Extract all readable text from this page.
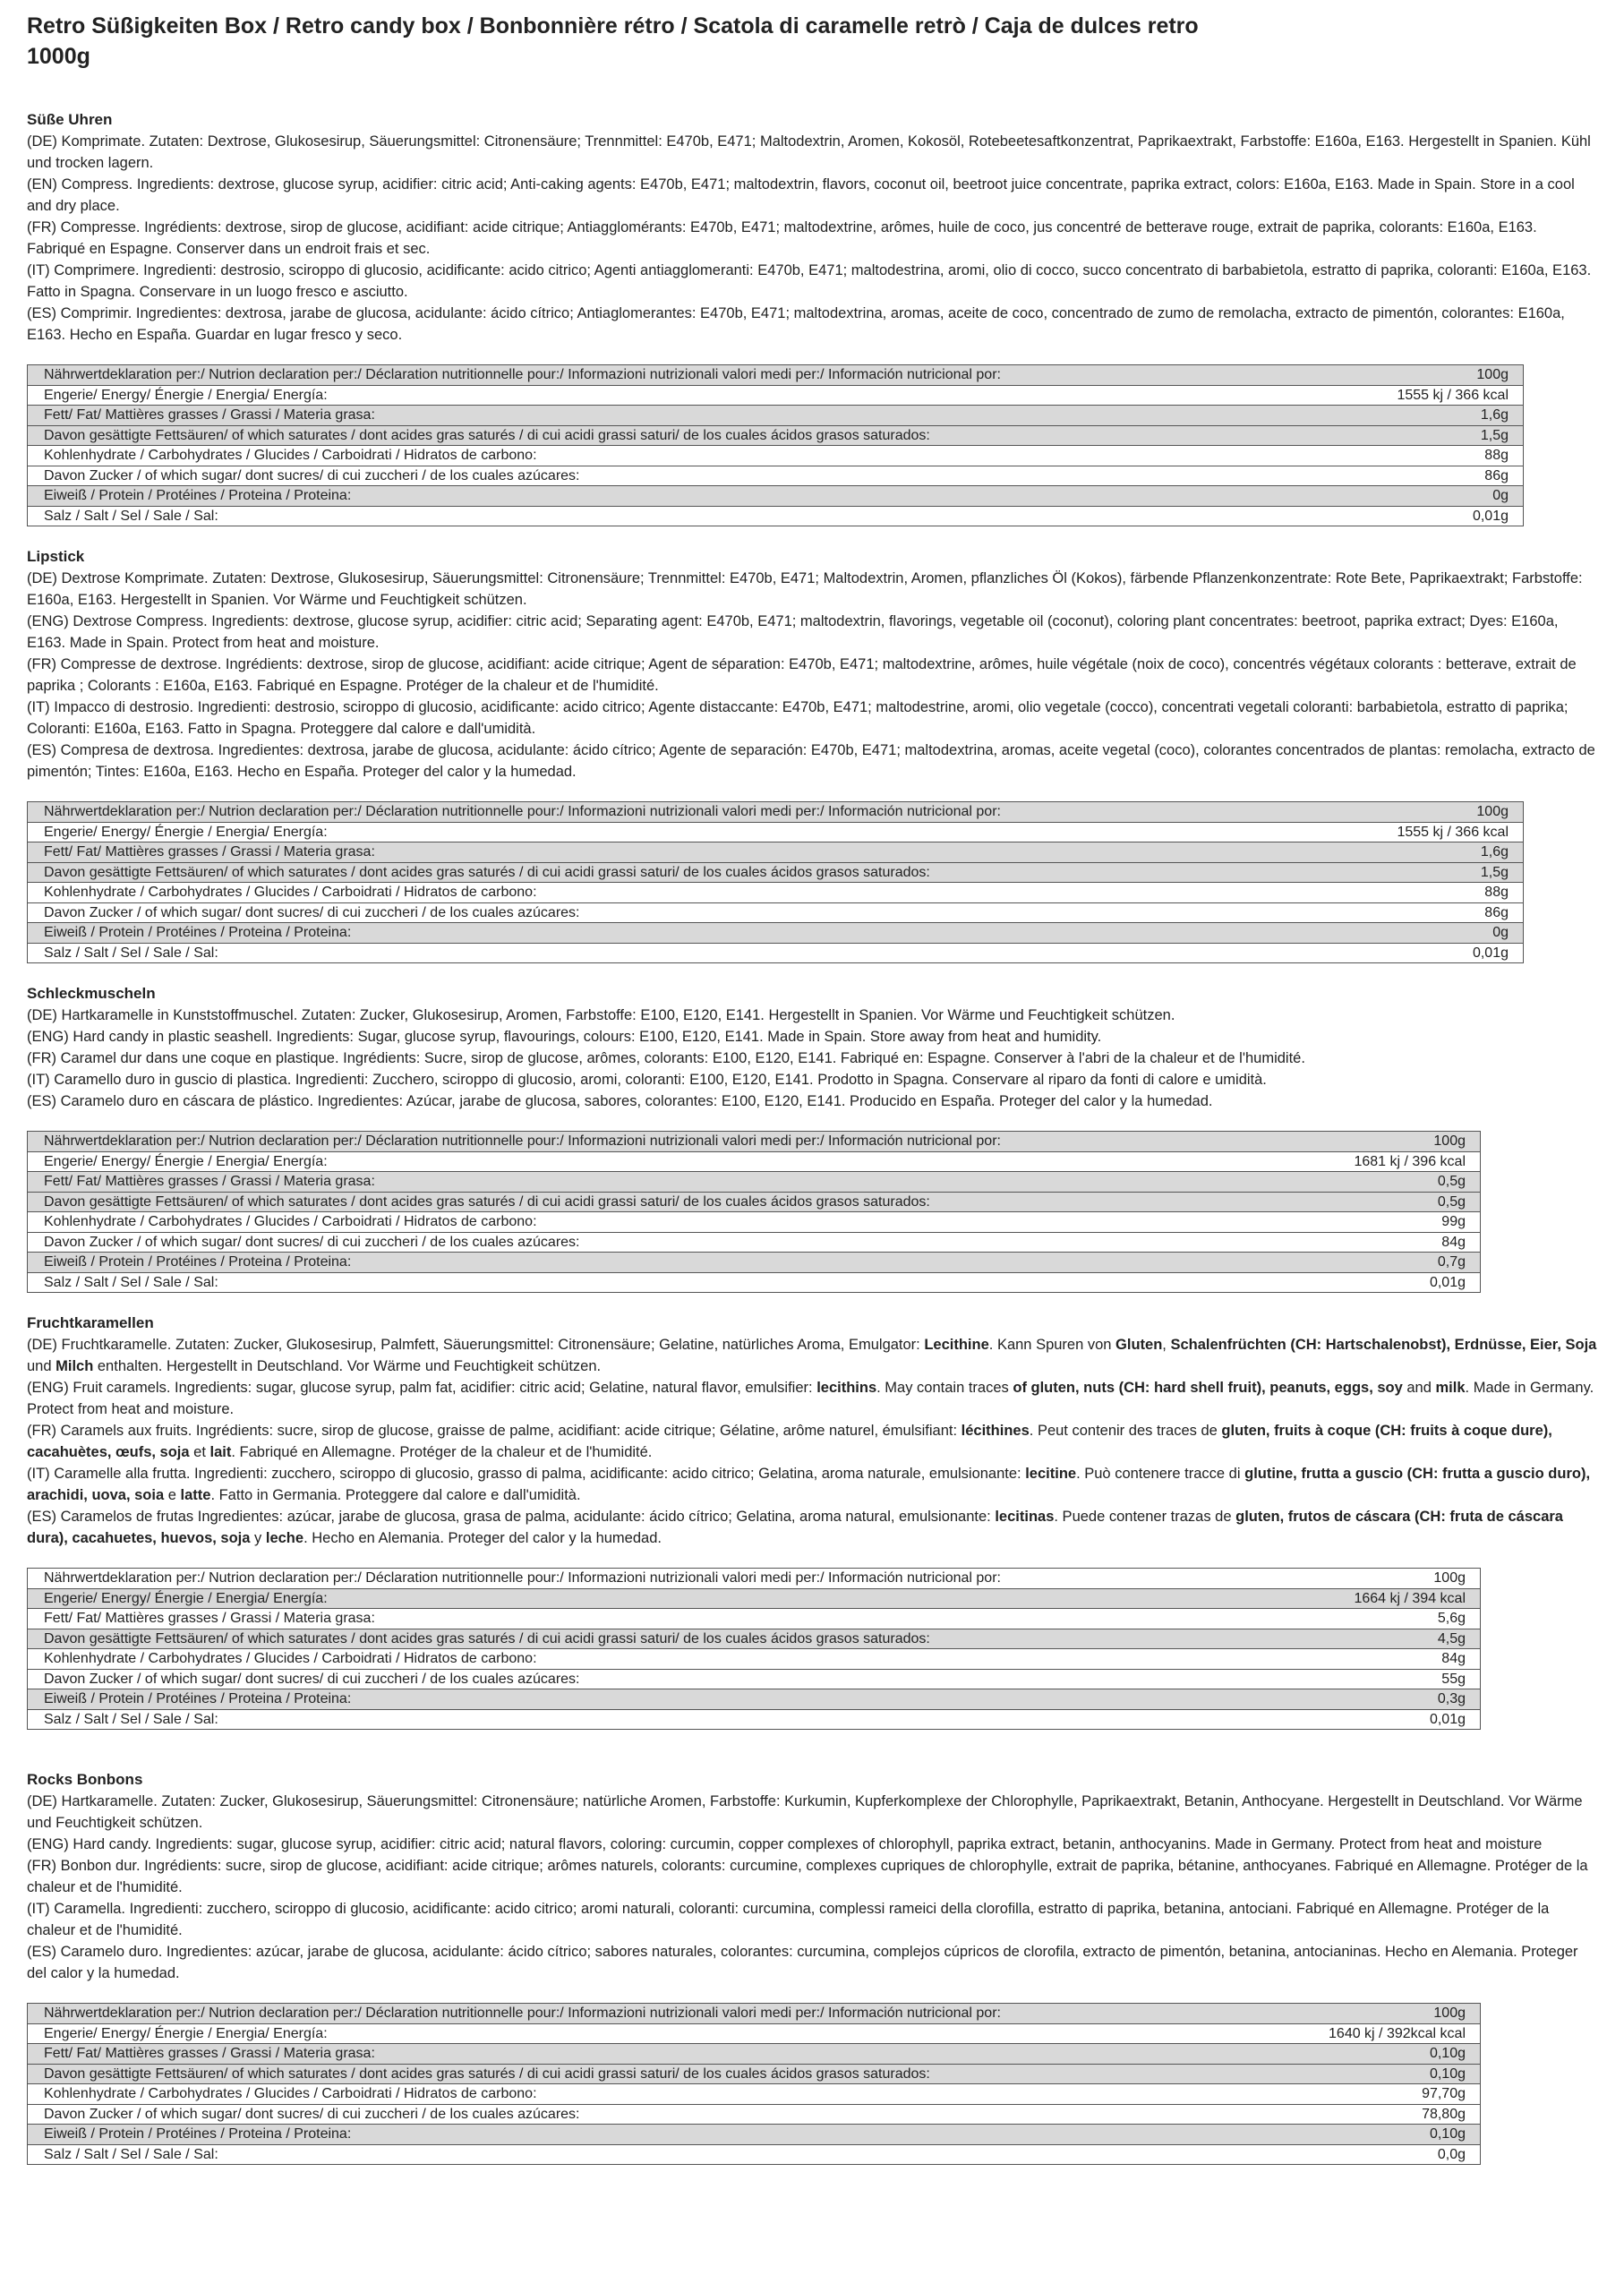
Retro Süßigkeiten Box / Retro candy box / Bonbonnière rétro / Scatola di caramelle retrò / Caja de dulces retro
1000g
Süße Uhren
(DE) Komprimate. Zutaten: Dextrose, Glukosesirup, Säuerungsmittel: Citronensäure; Trennmittel: E470b, E471; Maltodextrin, Aromen, Kokosöl, Rotebeetesaftkonzentrat, Paprikaextrakt, Farbstoffe: E160a, E163. Hergestellt in Spanien. Kühl und trocken lagern.
(EN) Compress. Ingredients: dextrose, glucose syrup, acidifier: citric acid; Anti-caking agents: E470b, E471; maltodextrin, flavors, coconut oil, beetroot juice concentrate, paprika extract, colors: E160a, E163. Made in Spain. Store in a cool and dry place.
(FR) Compresse. Ingrédients: dextrose, sirop de glucose, acidifiant: acide citrique; Antiagglomérants: E470b, E471; maltodextrine, arômes, huile de coco, jus concentré de betterave rouge, extrait de paprika, colorants: E160a, E163. Fabriqué en Espagne. Conserver dans un endroit frais et sec.
(IT) Comprimere. Ingredienti: destrosio, sciroppo di glucosio, acidificante: acido citrico; Agenti antiagglomeranti: E470b, E471; maltodestrina, aromi, olio di cocco, succo concentrato di barbabietola, estratto di paprika, coloranti: E160a, E163. Fatto in Spagna. Conservare in un luogo fresco e asciutto.
(ES) Comprimir. Ingredientes: dextrosa, jarabe de glucosa, acidulante: ácido cítrico; Antiaglomerantes: E470b, E471; maltodextrina, aromas, aceite de coco, concentrado de zumo de remolacha, extracto de pimentón, colorantes: E160a, E163. Hecho en España. Guardar en lugar fresco y seco.
Nährwertdeklaration per:/ Nutrion declaration per:/ Déclaration nutritionnelle pour:/ Informazioni nutrizionali valori medi per:/ Información nutricional por:	100g
Engerie/ Energy/ Énergie / Energia/ Energía:	1555 kj / 366 kcal
Fett/ Fat/ Mattières grasses / Grassi / Materia grasa:	1,6g
Davon gesättigte Fettsäuren/ of which saturates / dont acides gras saturés / di cui acidi grassi saturi/ de los cuales ácidos grasos saturados:	1,5g
Kohlenhydrate / Carbohydrates / Glucides / Carboidrati / Hidratos de carbono:	88g
Davon Zucker / of which sugar/ dont sucres/ di cui zuccheri / de los cuales azúcares:	86g
Eiweiß / Protein / Protéines / Proteina / Proteina:	0g
Salz / Salt / Sel / Sale / Sal:	0,01g
Lipstick
(DE) Dextrose Komprimate. Zutaten: Dextrose, Glukosesirup, Säuerungsmittel: Citronensäure; Trennmittel: E470b, E471; Maltodextrin, Aromen, pflanzliches Öl (Kokos), färbende Pflanzenkonzentrate: Rote Bete, Paprikaextrakt; Farbstoffe: E160a, E163. Hergestellt in Spanien. Vor Wärme und Feuchtigkeit schützen.
(ENG) Dextrose Compress. Ingredients: dextrose, glucose syrup, acidifier: citric acid; Separating agent: E470b, E471; maltodextrin, flavorings, vegetable oil (coconut), coloring plant concentrates: beetroot, paprika extract; Dyes: E160a, E163. Made in Spain. Protect from heat and moisture.
(FR) Compresse de dextrose. Ingrédients: dextrose, sirop de glucose, acidifiant: acide citrique; Agent de séparation: E470b, E471; maltodextrine, arômes, huile végétale (noix de coco), concentrés végétaux colorants : betterave, extrait de paprika ; Colorants : E160a, E163. Fabriqué en Espagne. Protéger de la chaleur et de l'humidité.
(IT) Impacco di destrosio. Ingredienti: destrosio, sciroppo di glucosio, acidificante: acido citrico; Agente distaccante: E470b, E471; maltodestrine, aromi, olio vegetale (cocco), concentrati vegetali coloranti: barbabietola, estratto di paprika; Coloranti: E160a, E163. Fatto in Spagna. Proteggere dal calore e dall'umidità.
(ES) Compresa de dextrosa. Ingredientes: dextrosa, jarabe de glucosa, acidulante: ácido cítrico; Agente de separación: E470b, E471; maltodextrina, aromas, aceite vegetal (coco), colorantes concentrados de plantas: remolacha, extracto de pimentón; Tintes: E160a, E163. Hecho en España. Proteger del calor y la humedad.
Nährwertdeklaration per:/ Nutrion declaration per:/ Déclaration nutritionnelle pour:/ Informazioni nutrizionali valori medi per:/ Información nutricional por:	100g
Engerie/ Energy/ Énergie / Energia/ Energía:	1555 kj / 366 kcal
Fett/ Fat/ Mattières grasses / Grassi / Materia grasa:	1,6g
Davon gesättigte Fettsäuren/ of which saturates / dont acides gras saturés / di cui acidi grassi saturi/ de los cuales ácidos grasos saturados:	1,5g
Kohlenhydrate / Carbohydrates / Glucides / Carboidrati / Hidratos de carbono:	88g
Davon Zucker / of which sugar/ dont sucres/ di cui zuccheri / de los cuales azúcares:	86g
Eiweiß / Protein / Protéines / Proteina / Proteina:	0g
Salz / Salt / Sel / Sale / Sal:	0,01g
Schleckmuscheln
(DE) Hartkaramelle in Kunststoffmuschel. Zutaten: Zucker, Glukosesirup, Aromen, Farbstoffe: E100, E120, E141. Hergestellt in Spanien. Vor Wärme und Feuchtigkeit schützen.
(ENG) Hard candy in plastic seashell. Ingredients: Sugar, glucose syrup, flavourings, colours: E100, E120, E141. Made in Spain. Store away from heat and humidity.
(FR) Caramel dur dans une coque en plastique. Ingrédients: Sucre, sirop de glucose, arômes, colorants: E100, E120, E141. Fabriqué en: Espagne. Conserver à l'abri de la chaleur et de l'humidité.
(IT) Caramello duro in guscio di plastica. Ingredienti: Zucchero, sciroppo di glucosio, aromi, coloranti: E100, E120, E141. Prodotto in Spagna. Conservare al riparo da fonti di calore e umidità.
(ES) Caramelo duro en cáscara de plástico. Ingredientes: Azúcar, jarabe de glucosa, sabores, colorantes: E100, E120, E141. Producido en España. Proteger del calor y la humedad.
Nährwertdeklaration per:/ Nutrion declaration per:/ Déclaration nutritionnelle pour:/ Informazioni nutrizionali valori medi per:/ Información nutricional por:	100g
Engerie/ Energy/ Énergie / Energia/ Energía:	1681 kj / 396 kcal
Fett/ Fat/ Mattières grasses / Grassi / Materia grasa:	0,5g
Davon gesättigte Fettsäuren/ of which saturates / dont acides gras saturés / di cui acidi grassi saturi/ de los cuales ácidos grasos saturados:	0,5g
Kohlenhydrate / Carbohydrates / Glucides / Carboidrati / Hidratos de carbono:	99g
Davon Zucker / of which sugar/ dont sucres/ di cui zuccheri / de los cuales azúcares:	84g
Eiweiß / Protein / Protéines / Proteina / Proteina:	0,7g
Salz / Salt / Sel / Sale / Sal:	0,01g
Fruchtkaramellen
(DE) Fruchtkaramelle. Zutaten: Zucker, Glukosesirup, Palmfett, Säuerungsmittel: Citronensäure; Gelatine, natürliches Aroma, Emulgator: Lecithine. Kann Spuren von Gluten, Schalenfrüchten (CH: Hartschalenobst), Erdnüsse, Eier, Soja und Milch enthalten. Hergestellt in Deutschland. Vor Wärme und Feuchtigkeit schützen.
(ENG) Fruit caramels. Ingredients: sugar, glucose syrup, palm fat, acidifier: citric acid; Gelatine, natural flavor, emulsifier: lecithins. May contain traces of gluten, nuts (CH: hard shell fruit), peanuts, eggs, soy and milk. Made in Germany. Protect from heat and moisture.
(FR) Caramels aux fruits. Ingrédients: sucre, sirop de glucose, graisse de palme, acidifiant: acide citrique; Gélatine, arôme naturel, émulsifiant: lécithines. Peut contenir des traces de gluten, fruits à coque (CH: fruits à coque dure), cacahuètes, œufs, soja et lait. Fabriqué en Allemagne. Protéger de la chaleur et de l'humidité.
(IT) Caramelle alla frutta. Ingredienti: zucchero, sciroppo di glucosio, grasso di palma, acidificante: acido citrico; Gelatina, aroma naturale, emulsionante: lecitine. Può contenere tracce di glutine, frutta a guscio (CH: frutta a guscio duro), arachidi, uova, soia e latte. Fatto in Germania. Proteggere dal calore e dall'umidità.
(ES) Caramelos de frutas Ingredientes: azúcar, jarabe de glucosa, grasa de palma, acidulante: ácido cítrico; Gelatina, aroma natural, emulsionante: lecitinas. Puede contener trazas de gluten, frutos de cáscara (CH: fruta de cáscara dura), cacahuetes, huevos, soja y leche. Hecho en Alemania. Proteger del calor y la humedad.
Nährwertdeklaration per:/ Nutrion declaration per:/ Déclaration nutritionnelle pour:/ Informazioni nutrizionali valori medi per:/ Información nutricional por:	100g
Engerie/ Energy/ Énergie / Energia/ Energía:	1664 kj / 394 kcal
Fett/ Fat/ Mattières grasses / Grassi / Materia grasa:	5,6g
Davon gesättigte Fettsäuren/ of which saturates / dont acides gras saturés / di cui acidi grassi saturi/ de los cuales ácidos grasos saturados:	4,5g
Kohlenhydrate / Carbohydrates / Glucides / Carboidrati / Hidratos de carbono:	84g
Davon Zucker / of which sugar/ dont sucres/ di cui zuccheri / de los cuales azúcares:	55g
Eiweiß / Protein / Protéines / Proteina / Proteina:	0,3g
Salz / Salt / Sel / Sale / Sal:	0,01g
Rocks Bonbons
(DE) Hartkaramelle. Zutaten: Zucker, Glukosesirup, Säuerungsmittel: Citronensäure; natürliche Aromen, Farbstoffe: Kurkumin, Kupferkomplexe der Chlorophylle, Paprikaextrakt, Betanin, Anthocyane. Hergestellt in Deutschland. Vor Wärme und Feuchtigkeit schützen.
(ENG) Hard candy. Ingredients: sugar, glucose syrup, acidifier: citric acid; natural flavors, coloring: curcumin, copper complexes of chlorophyll, paprika extract, betanin, anthocyanins. Made in Germany. Protect from heat and moisture
(FR) Bonbon dur. Ingrédients: sucre, sirop de glucose, acidifiant: acide citrique; arômes naturels, colorants: curcumine, complexes cupriques de chlorophylle, extrait de paprika, bétanine, anthocyanes. Fabriqué en Allemagne. Protéger de la chaleur et de l'humidité.
(IT) Caramella. Ingredienti: zucchero, sciroppo di glucosio, acidificante: acido citrico; aromi naturali, coloranti: curcumina, complessi rameici della clorofilla, estratto di paprika, betanina, antociani. Fabriqué en Allemagne. Protéger de la chaleur et de l'humidité.
(ES) Caramelo duro. Ingredientes: azúcar, jarabe de glucosa, acidulante: ácido cítrico; sabores naturales, colorantes: curcumina, complejos cúpricos de clorofila, extracto de pimentón, betanina, antocianinas. Hecho en Alemania. Proteger del calor y la humedad.
Nährwertdeklaration per:/ Nutrion declaration per:/ Déclaration nutritionnelle pour:/ Informazioni nutrizionali valori medi per:/ Información nutricional por:	100g
Engerie/ Energy/ Énergie / Energia/ Energía:	1640 kj / 392kcal kcal
Fett/ Fat/ Mattières grasses / Grassi / Materia grasa:	0,10g
Davon gesättigte Fettsäuren/ of which saturates / dont acides gras saturés / di cui acidi grassi saturi/ de los cuales ácidos grasos saturados:	0,10g
Kohlenhydrate / Carbohydrates / Glucides / Carboidrati / Hidratos de carbono:	97,70g
Davon Zucker / of which sugar/ dont sucres/ di cui zuccheri / de los cuales azúcares:	78,80g
Eiweiß / Protein / Protéines / Proteina / Proteina:	0,10g
Salz / Salt / Sel / Sale / Sal:	0,0g
